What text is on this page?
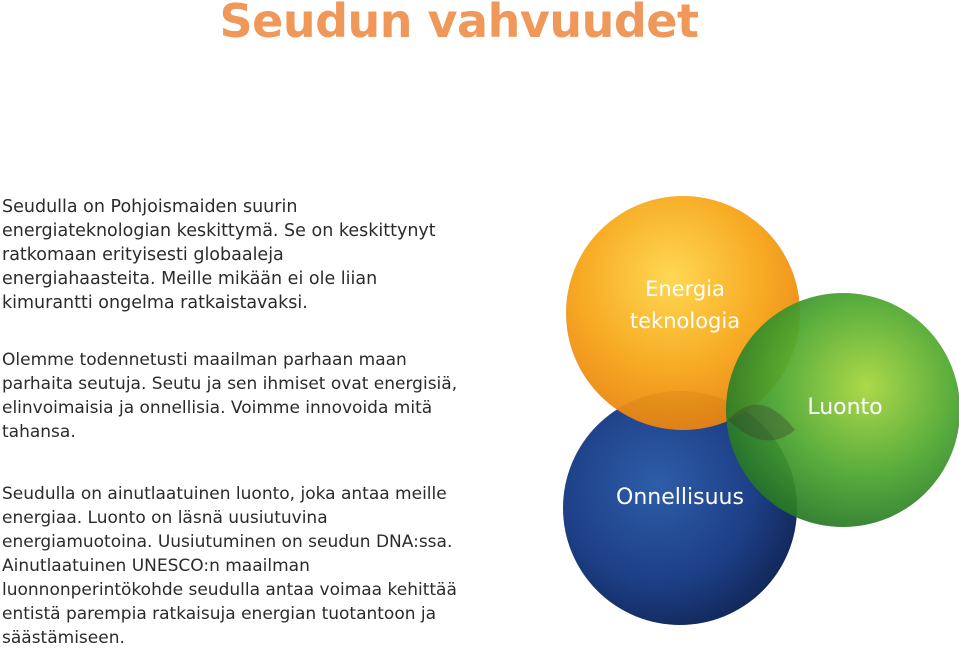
Seudun vahvuudet

Seudulla on Pohjoismaiden suurin energiateknologian keskittymä. Se on keskittynyt ratkomaan erityisesti globaaleja energiahaasteita. Meille mikään ei ole liian kimurantti ongelma ratkaistavaksi.

Olemme todennetusti maailman parhaan maan parhaita seutuja. Seutu ja sen ihmiset ovat energisiä, elinvoimaisia ja onnellisia. Voimme innovoida mitä tahansa.

Seudulla on ainutlaatuinen luonto, joka antaa meille energiaa. Luonto on läsnä uusiutuvina energiamuotoina. Uusiutuminen on seudun DNA:ssa. Ainutlaatuinen UNESCO:n maailman luonnonperintökohde seudulla antaa voimaa kehittää entistä parempia ratkaisuja energian tuotantoon ja säästämiseen.

Energia
teknologia
Luonto
Onnellisuus
